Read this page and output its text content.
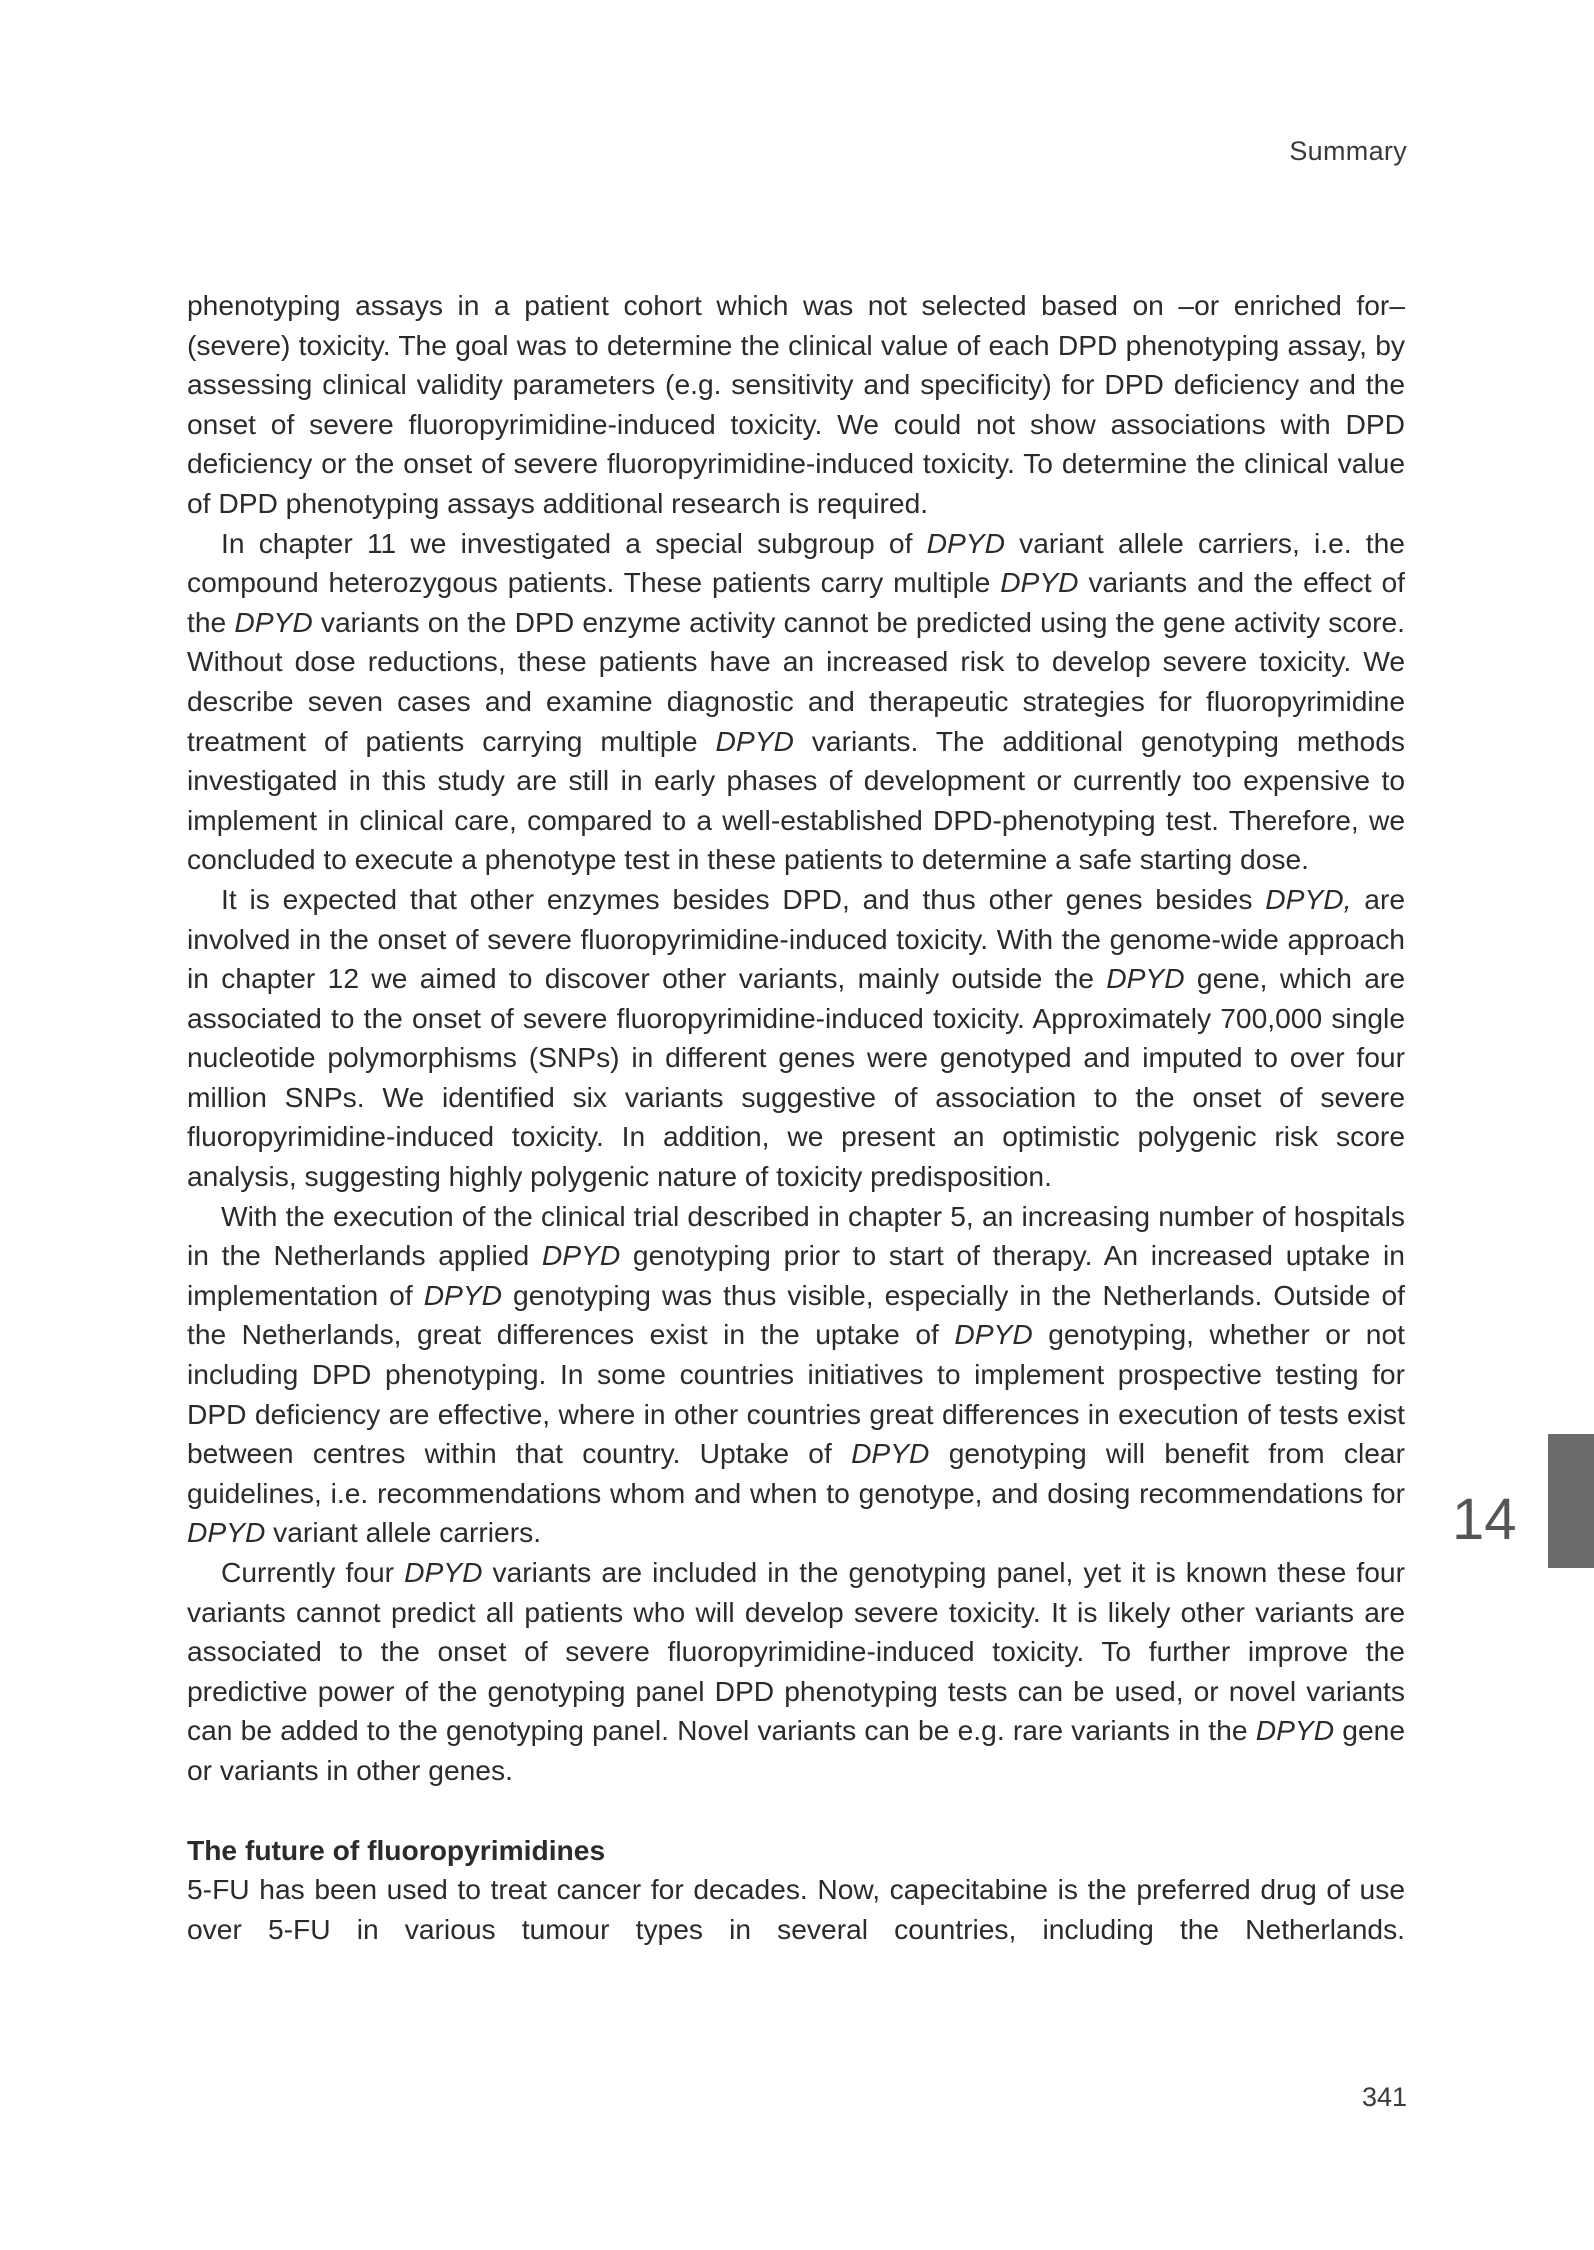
Summary

phenotyping assays in a patient cohort which was not selected based on –or enriched for– (severe) toxicity. The goal was to determine the clinical value of each DPD phenotyping assay, by assessing clinical validity parameters (e.g. sensitivity and specificity) for DPD deficiency and the onset of severe fluoropyrimidine-induced toxicity. We could not show associations with DPD deficiency or the onset of severe fluoropyrimidine-induced toxicity. To determine the clinical value of DPD phenotyping assays additional research is required.

In chapter 11 we investigated a special subgroup of DPYD variant allele carriers, i.e. the compound heterozygous patients. These patients carry multiple DPYD variants and the effect of the DPYD variants on the DPD enzyme activity cannot be predicted using the gene activity score. Without dose reductions, these patients have an increased risk to develop severe toxicity. We describe seven cases and examine diagnostic and therapeutic strategies for fluoropyrimidine treatment of patients carrying multiple DPYD variants. The additional genotyping methods investigated in this study are still in early phases of development or currently too expensive to implement in clinical care, compared to a well-established DPD-phenotyping test. Therefore, we concluded to execute a phenotype test in these patients to determine a safe starting dose.

It is expected that other enzymes besides DPD, and thus other genes besides DPYD, are involved in the onset of severe fluoropyrimidine-induced toxicity. With the genome-wide approach in chapter 12 we aimed to discover other variants, mainly outside the DPYD gene, which are associated to the onset of severe fluoropyrimidine-induced toxicity. Approximately 700,000 single nucleotide polymorphisms (SNPs) in different genes were genotyped and imputed to over four million SNPs. We identified six variants suggestive of association to the onset of severe fluoropyrimidine-induced toxicity. In addition, we present an optimistic polygenic risk score analysis, suggesting highly polygenic nature of toxicity predisposition.

With the execution of the clinical trial described in chapter 5, an increasing number of hospitals in the Netherlands applied DPYD genotyping prior to start of therapy. An increased uptake in implementation of DPYD genotyping was thus visible, especially in the Netherlands. Outside of the Netherlands, great differences exist in the uptake of DPYD genotyping, whether or not including DPD phenotyping. In some countries initiatives to implement prospective testing for DPD deficiency are effective, where in other countries great differences in execution of tests exist between centres within that country. Uptake of DPYD genotyping will benefit from clear guidelines, i.e. recommendations whom and when to genotype, and dosing recommendations for DPYD variant allele carriers.

Currently four DPYD variants are included in the genotyping panel, yet it is known these four variants cannot predict all patients who will develop severe toxicity. It is likely other variants are associated to the onset of severe fluoropyrimidine-induced toxicity. To further improve the predictive power of the genotyping panel DPD phenotyping tests can be used, or novel variants can be added to the genotyping panel. Novel variants can be e.g. rare variants in the DPYD gene or variants in other genes.

The future of fluoropyrimidines

5-FU has been used to treat cancer for decades. Now, capecitabine is the preferred drug of use over 5-FU in various tumour types in several countries, including the Netherlands.

14
341
